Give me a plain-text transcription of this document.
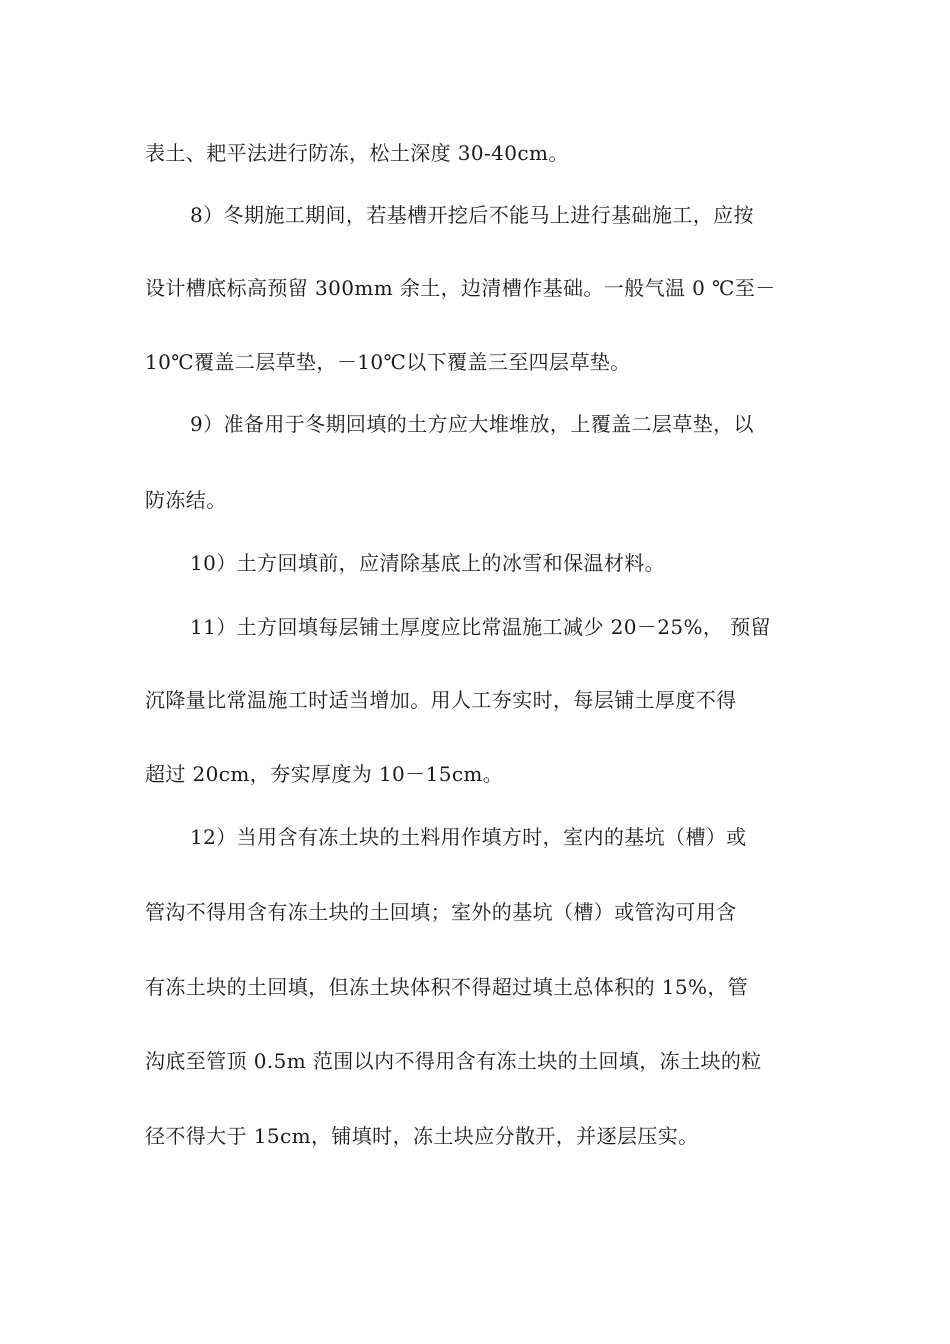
表土、耙平法进行防冻，松土深度 30-40cm。
8）冬期施工期间，若基槽开挖后不能马上进行基础施工，应按
设计槽底标高预留 300mm 余土，边清槽作基础。一般气温 0 ℃至－
10℃覆盖二层草垫，－10℃以下覆盖三至四层草垫。
9）准备用于冬期回填的土方应大堆堆放，上覆盖二层草垫，以
防冻结。
10）土方回填前，应清除基底上的冰雪和保温材料。
11）土方回填每层铺土厚度应比常温施工减少 20－25%， 预留
沉降量比常温施工时适当增加。用人工夯实时，每层铺土厚度不得
超过 20cm，夯实厚度为 10－15cm。
12）当用含有冻土块的土料用作填方时，室内的基坑（槽）或
管沟不得用含有冻土块的土回填；室外的基坑（槽）或管沟可用含
有冻土块的土回填，但冻土块体积不得超过填土总体积的 15%，管
沟底至管顶 0.5m 范围以内不得用含有冻土块的土回填，冻土块的粒
径不得大于 15cm，铺填时，冻土块应分散开，并逐层压实。
